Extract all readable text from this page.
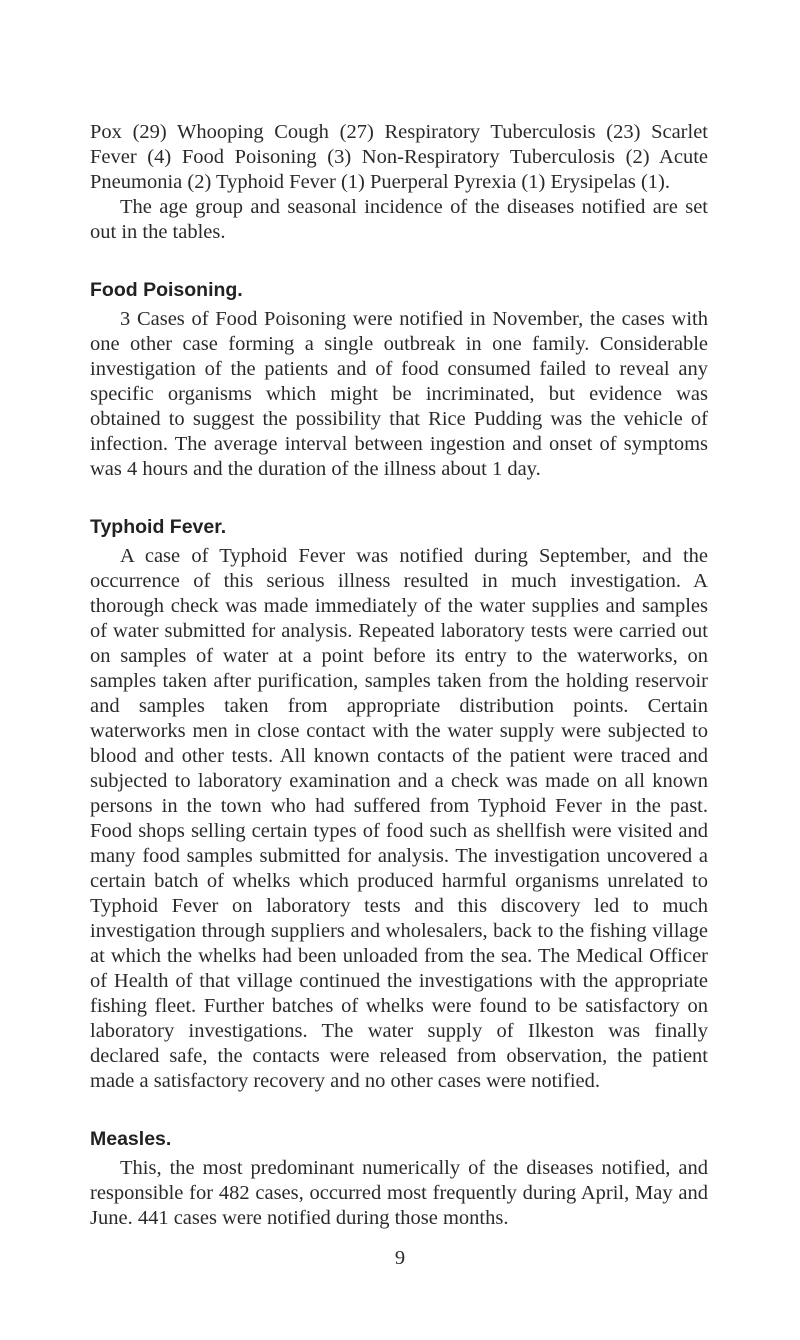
Pox (29) Whooping Cough (27) Respiratory Tuberculosis (23) Scarlet Fever (4) Food Poisoning (3) Non-Respiratory Tuberculosis (2) Acute Pneumonia (2) Typhoid Fever (1) Puerperal Pyrexia (1) Erysipelas (1).

The age group and seasonal incidence of the diseases notified are set out in the tables.

Food Poisoning.

3 Cases of Food Poisoning were notified in November, the cases with one other case forming a single outbreak in one family. Considerable investigation of the patients and of food consumed failed to reveal any specific organisms which might be incriminated, but evidence was obtained to suggest the possibility that Rice Pudding was the vehicle of infection. The average interval between ingestion and onset of symptoms was 4 hours and the duration of the illness about 1 day.

Typhoid Fever.

A case of Typhoid Fever was notified during September, and the occurrence of this serious illness resulted in much investigation. A thorough check was made immediately of the water supplies and samples of water submitted for analysis. Repeated laboratory tests were carried out on samples of water at a point before its entry to the waterworks, on samples taken after purification, samples taken from the holding reservoir and samples taken from appropriate distribution points. Certain waterworks men in close contact with the water supply were subjected to blood and other tests. All known contacts of the patient were traced and subjected to laboratory examination and a check was made on all known persons in the town who had suffered from Typhoid Fever in the past. Food shops selling certain types of food such as shellfish were visited and many food samples submitted for analysis. The investigation uncovered a certain batch of whelks which produced harmful organisms unrelated to Typhoid Fever on laboratory tests and this discovery led to much investigation through suppliers and wholesalers, back to the fishing village at which the whelks had been unloaded from the sea. The Medical Officer of Health of that village continued the investigations with the appropriate fishing fleet. Further batches of whelks were found to be satisfactory on laboratory investigations. The water supply of Ilkeston was finally declared safe, the contacts were released from observation, the patient made a satisfactory recovery and no other cases were notified.

Measles.

This, the most predominant numerically of the diseases notified, and responsible for 482 cases, occurred most frequently during April, May and June. 441 cases were notified during those months.

9
